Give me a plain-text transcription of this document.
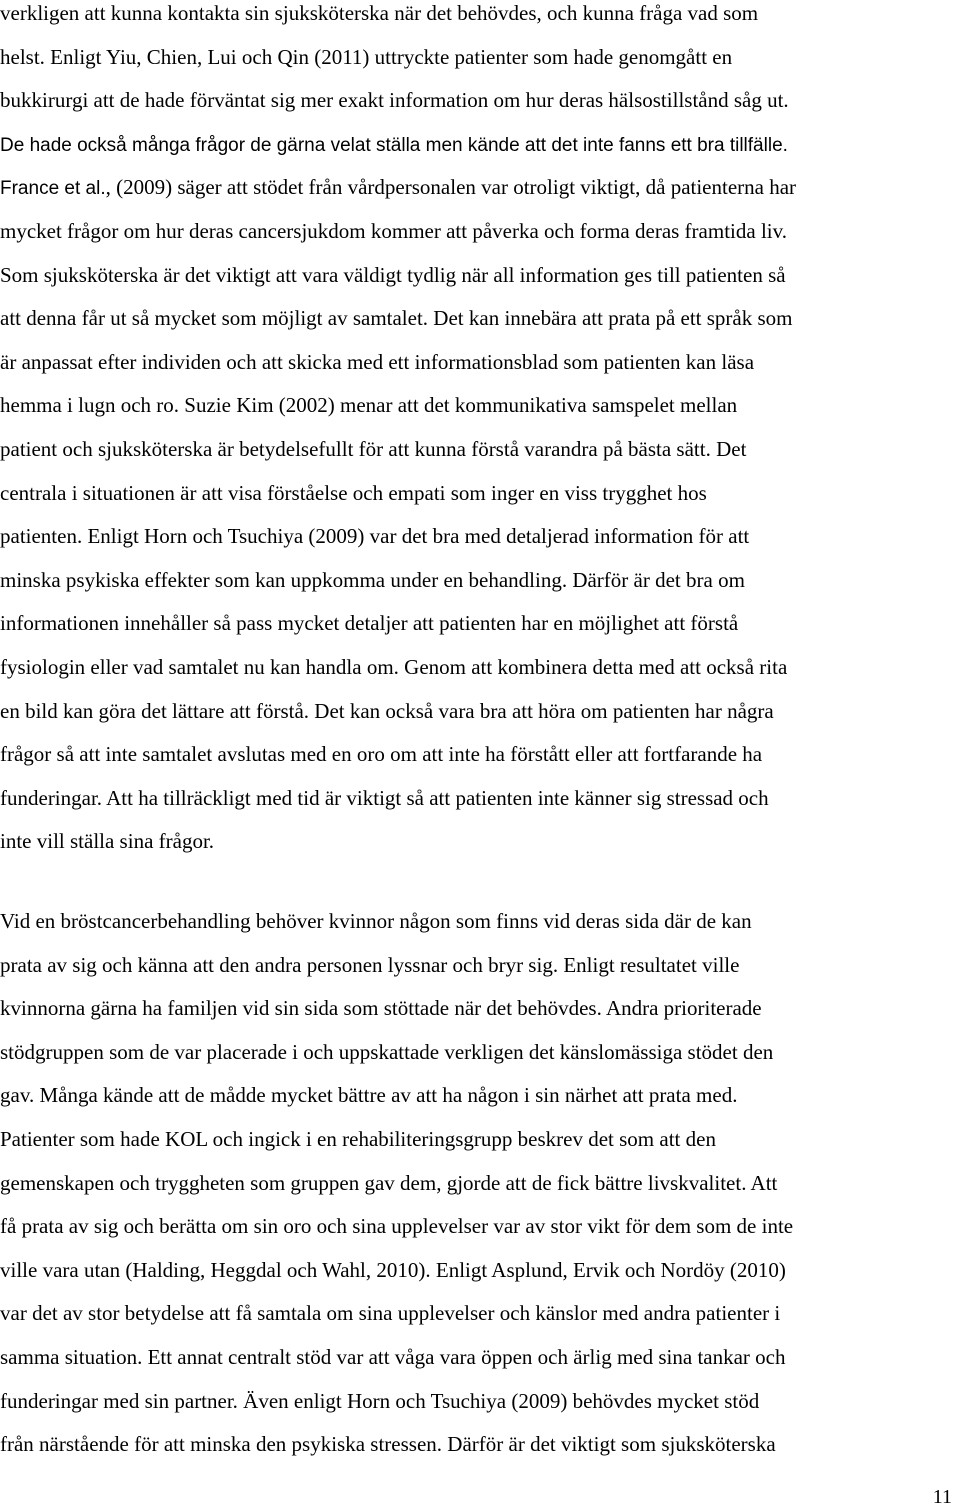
verkligen att kunna kontakta sin sjuksköterska när det behövdes, och kunna fråga vad som
helst. Enligt Yiu, Chien, Lui och Qin (2011) uttryckte patienter som hade genomgått en
bukkirurgi att de hade förväntat sig mer exakt information om hur deras hälsostillstånd såg ut.
De hade också många frågor de gärna velat ställa men kände att det inte fanns ett bra tillfälle.
France et al., (2009) säger att stödet från vårdpersonalen var otroligt viktigt, då patienterna har
mycket frågor om hur deras cancersjukdom kommer att påverka och forma deras framtida liv.
Som sjuksköterska är det viktigt att vara väldigt tydlig när all information ges till patienten så
att denna får ut så mycket som möjligt av samtalet. Det kan innebära att prata på ett språk som
är anpassat efter individen och att skicka med ett informationsblad som patienten kan läsa
hemma i lugn och ro. Suzie Kim (2002) menar att det kommunikativa samspelet mellan
patient och sjuksköterska är betydelsefullt för att kunna förstå varandra på bästa sätt. Det
centrala i situationen är att visa förståelse och empati som inger en viss trygghet hos
patienten. Enligt Horn och Tsuchiya (2009) var det bra med detaljerad information för att
minska psykiska effekter som kan uppkomma under en behandling. Därför är det bra om
informationen innehåller så pass mycket detaljer att patienten har en möjlighet att förstå
fysiologin eller vad samtalet nu kan handla om. Genom att kombinera detta med att också rita
en bild kan göra det lättare att förstå. Det kan också vara bra att höra om patienten har några
frågor så att inte samtalet avslutas med en oro om att inte ha förstått eller att fortfarande ha
funderingar. Att ha tillräckligt med tid är viktigt så att patienten inte känner sig stressad och
inte vill ställa sina frågor.
Vid en bröstcancerbehandling behöver kvinnor någon som finns vid deras sida där de kan
prata av sig och känna att den andra personen lyssnar och bryr sig. Enligt resultatet ville
kvinnorna gärna ha familjen vid sin sida som stöttade när det behövdes. Andra prioriterade
stödgruppen som de var placerade i och uppskattade verkligen det känslomässiga stödet den
gav. Många kände att de mådde mycket bättre av att ha någon i sin närhet att prata med.
Patienter som hade KOL och ingick i en rehabiliteringsgrupp beskrev det som att den
gemenskapen och tryggheten som gruppen gav dem, gjorde att de fick bättre livskvalitet. Att
få prata av sig och berätta om sin oro och sina upplevelser var av stor vikt för dem som de inte
ville vara utan (Halding, Heggdal och Wahl, 2010). Enligt Asplund, Ervik och Nordöy (2010)
var det av stor betydelse att få samtala om sina upplevelser och känslor med andra patienter i
samma situation. Ett annat centralt stöd var att våga vara öppen och ärlig med sina tankar och
funderingar med sin partner. Även enligt Horn och Tsuchiya (2009) behövdes mycket stöd
från närstående för att minska den psykiska stressen. Därför är det viktigt som sjuksköterska
11
